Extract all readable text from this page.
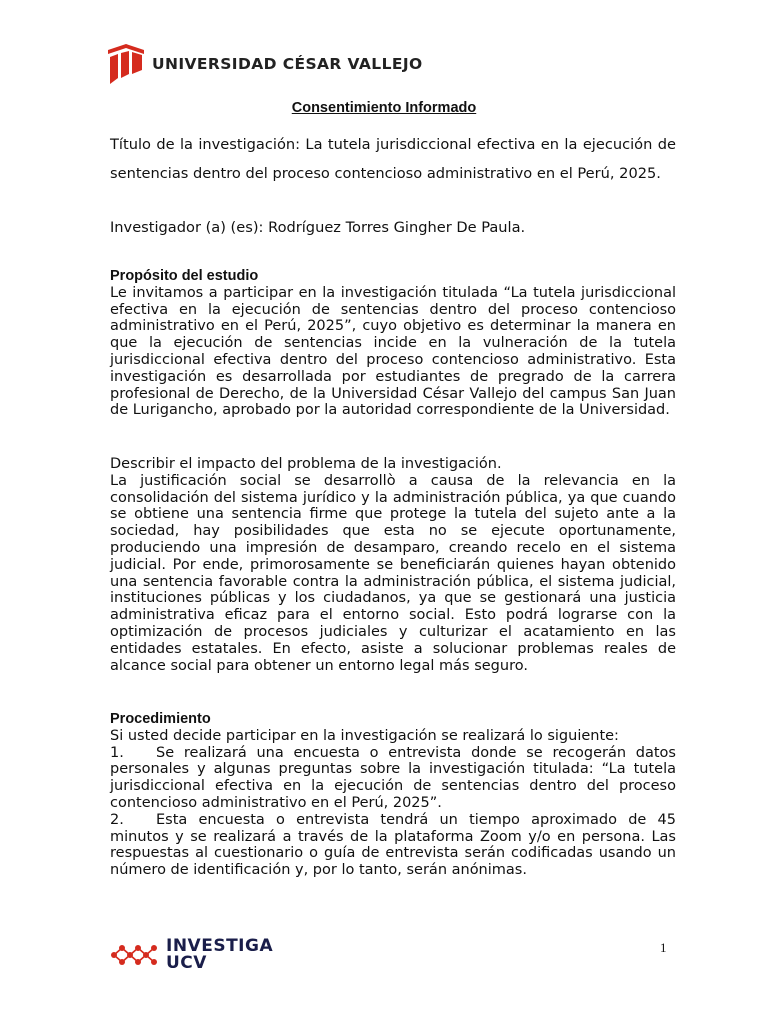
UNIVERSIDAD CÉSAR VALLEJO
Consentimiento Informado
Título de la investigación: La tutela jurisdiccional efectiva en la ejecución de sentencias dentro del proceso contencioso administrativo en el Perú, 2025.
Investigador (a) (es): Rodríguez Torres Gingher De Paula.
Propósito del estudio
Le invitamos a participar en la investigación titulada “La tutela jurisdiccional efectiva en la ejecución de sentencias dentro del proceso contencioso administrativo en el Perú, 2025”, cuyo objetivo es determinar la manera en que la ejecución de sentencias incide en la vulneración de la tutela jurisdiccional efectiva dentro del proceso contencioso administrativo. Esta investigación es desarrollada por estudiantes de pregrado de la carrera profesional de Derecho, de la Universidad César Vallejo del campus San Juan de Lurigancho, aprobado por la autoridad correspondiente de la Universidad.
Describir el impacto del problema de la investigación.
La justificación social se desarrollò a causa de la relevancia en la consolidación del sistema jurídico y la administración pública, ya que cuando se obtiene una sentencia firme que protege la tutela del sujeto ante a la sociedad, hay posibilidades que esta no se ejecute oportunamente, produciendo una impresión de desamparo, creando recelo en el sistema judicial. Por ende, primorosamente se beneficiarán quienes hayan obtenido una sentencia favorable contra la administración pública, el sistema judicial, instituciones públicas y los ciudadanos, ya que se gestionará una justicia administrativa eficaz para el entorno social. Esto podrá lograrse con la optimización de procesos judiciales y culturizar el acatamiento en las entidades estatales. En efecto, asiste a solucionar problemas reales de alcance social para obtener un entorno legal más seguro.
Procedimiento
Si usted decide participar en la investigación se realizará lo siguiente:
1. Se realizará una encuesta o entrevista donde se recogerán datos personales y algunas preguntas sobre la investigación titulada: “La tutela jurisdiccional efectiva en la ejecución de sentencias dentro del proceso contencioso administrativo en el Perú, 2025”.
2. Esta encuesta o entrevista tendrá un tiempo aproximado de 45 minutos y se realizará a través de la plataforma Zoom y/o en persona. Las respuestas al cuestionario o guía de entrevista serán codificadas usando un número de identificación y, por lo tanto, serán anónimas.
INVESTIGA
UCV
1
